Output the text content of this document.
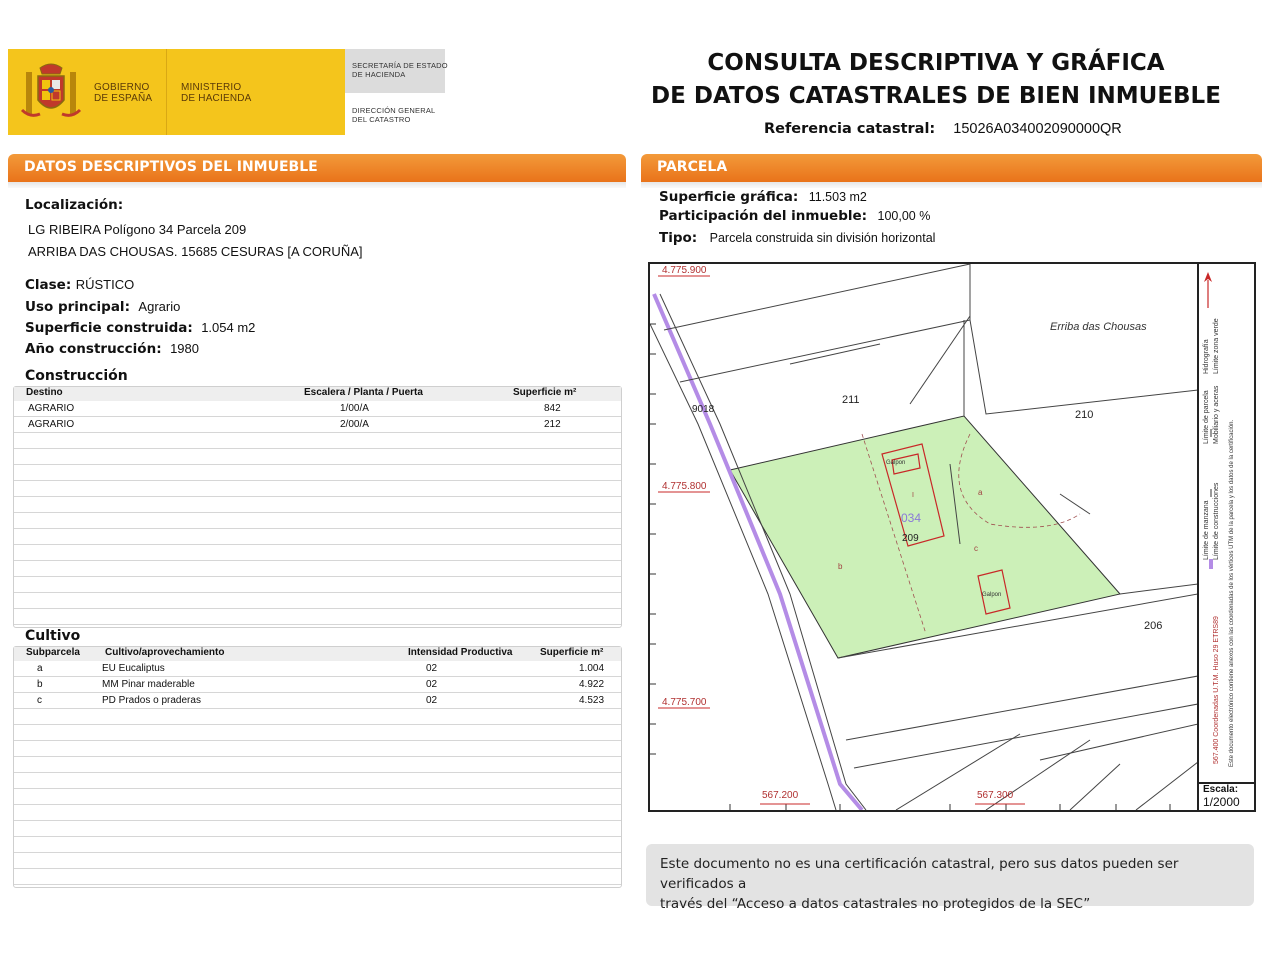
GOBIERNO
DE ESPAÑA
MINISTERIO
DE HACIENDA
SECRETARÍA DE ESTADO
DE HACIENDA
DIRECCIÓN GENERAL
DEL CATASTRO
CONSULTA DESCRIPTIVA Y GRÁFICA
DE DATOS CATASTRALES DE BIEN INMUEBLE
Referencia catastral: 15026A034002090000QR
DATOS DESCRIPTIVOS DEL INMUEBLE
Localización:
LG RIBEIRA Polígono 34 Parcela 209
ARRIBA DAS CHOUSAS. 15685 CESURAS [A CORUÑA]
Clase: RÚSTICO
Uso principal: Agrario
Superficie construida: 1.054 m2
Año construcción: 1980
Construcción
Destino	Escalera / Planta / Puerta	Superficie m²
AGRARIO	1/00/A	842
AGRARIO	2/00/A	212
Cultivo
Subparcela	Cultivo/aprovechamiento	Intensidad Productiva	Superficie m²
a	EU Eucaliptus	02	1.004
b	MM Pinar maderable	02	4.922
c	PD Prados o praderas	02	4.523
PARCELA
Superficie gráfica: 11.503 m2
Participación del inmueble: 100,00 %
Tipo: Parcela construida sin división horizontal
4.775.900
4.775.800
4.775.700
567.200	567.300
Erriba das Chousas
211
210
209
206
9018
034
a
b
c
Galpon
Galpon
I
Hidrografía Límite zona verde
Límite de parcela Mobiliario y aceras
Límite de manzana Límite de construcciones Este documento electrónico contiene anexos con las coordenadas de los vértices UTM de la parcela y los datos de la certificación.
567.400 Coordenadas U.T.M. Huso 29 ETRS89
Escala:
1/2000
Este documento no es una certificación catastral, pero sus datos pueden ser verificados a
través del “Acceso a datos catastrales no protegidos de la SEC”
